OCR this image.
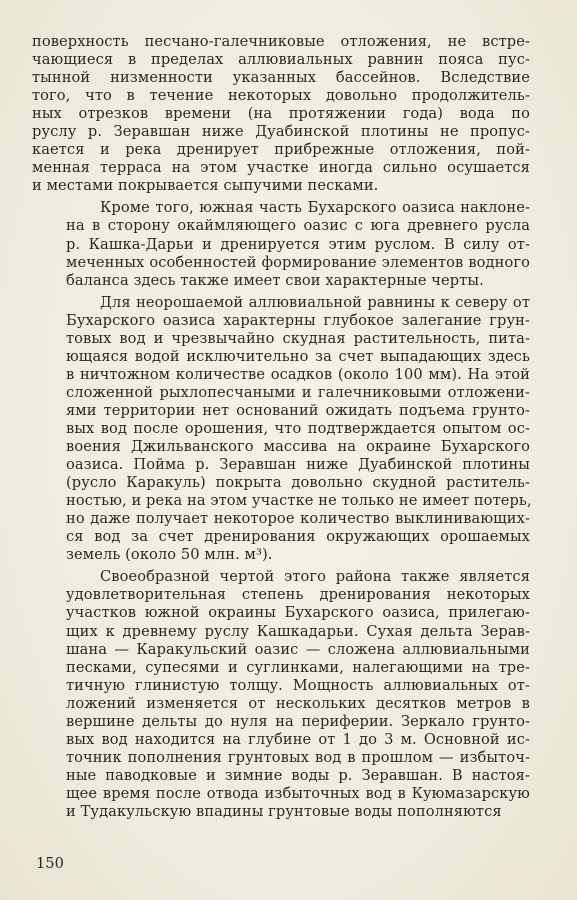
поверхность песчано-галечниковые отложения, не встре-
чающиеся в пределах аллювиальных равнин пояса пус-
тынной низменности указанных бассейнов. Вследствие
того, что в течение некоторых довольно продолжитель-
ных отрезков времени (на протяжении года) вода по
руслу р. Зеравшан ниже Дуабинской плотины не пропус-
кается и река дренирует прибрежные отложения, пой-
менная терраса на этом участке иногда сильно осушается
и местами покрывается сыпучими песками.
Кроме того, южная часть Бухарского оазиса наклоне-
на в сторону окаймляющего оазис с юга древнего русла
р. Кашка-Дарьи и дренируется этим руслом. В силу от-
меченных особенностей формирование элементов водного
баланса здесь также имеет свои характерные черты.
Для неорошаемой аллювиальной равнины к северу от
Бухарского оазиса характерны глубокое залегание грун-
товых вод и чрезвычайно скудная растительность, пита-
ющаяся водой исключительно за счет выпадающих здесь
в ничтожном количестве осадков (около 100 мм). На этой
сложенной рыхлопесчаными и галечниковыми отложени-
ями территории нет оснований ожидать подъема грунто-
вых вод после орошения, что подтверждается опытом ос-
воения Джильванского массива на окраине Бухарского
оазиса. Пойма р. Зеравшан ниже Дуабинской плотины
(русло Каракуль) покрыта довольно скудной раститель-
ностью, и река на этом участке не только не имеет потерь,
но даже получает некоторое количество выклинивающих-
ся вод за счет дренирования окружающих орошаемых
земель (около 50 млн. м³).
Своеобразной чертой этого района также является
удовлетворительная степень дренирования некоторых
участков южной окраины Бухарского оазиса, прилегаю-
щих к древнему руслу Кашкадарьи. Сухая дельта Зерав-
шана — Каракульский оазис — сложена аллювиальными
песками, супесями и суглинками, налегающими на тре-
тичную глинистую толщу. Мощность аллювиальных от-
ложений изменяется от нескольких десятков метров в
вершине дельты до нуля на периферии. Зеркало грунто-
вых вод находится на глубине от 1 до 3 м. Основной ис-
точник пополнения грунтовых вод в прошлом — избыточ-
ные паводковые и зимние воды р. Зеравшан. В настоя-
щее время после отвода избыточных вод в Куюмазарскую
и Тудакульскую впадины грунтовые воды пополняются
150
